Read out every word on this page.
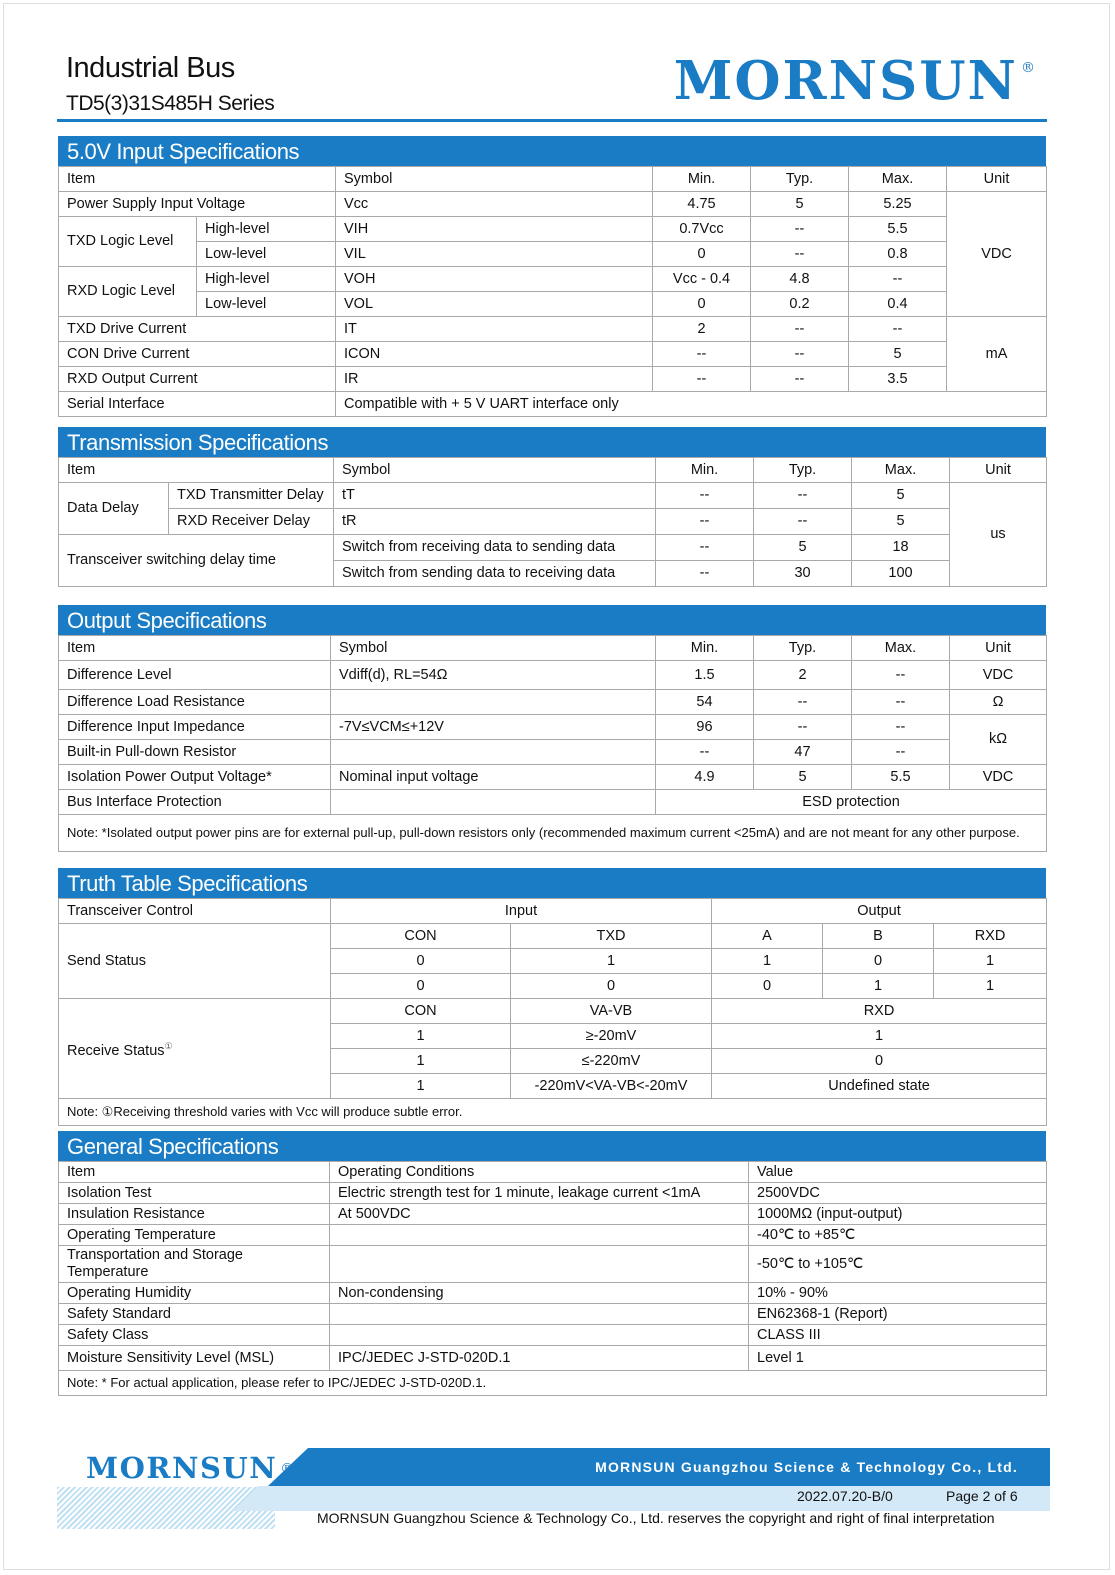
Industrial Bus
TD5(3)31S485H Series	MORNSUN ®
5.0V Input Specifications
Item		Symbol	Min.	Typ.	Max.	Unit
Power Supply Input Voltage		Vcc	4.75	5	5.25	VDC
TXD Logic Level	High-level	VIH	0.7Vcc	--	5.5	
	Low-level	VIL	0	--	0.8	
RXD Logic Level	High-level	VOH	Vcc - 0.4	4.8	--	
	Low-level	VOL	0	0.2	0.4	
TXD Drive Current		IT	2	--	--	mA
CON Drive Current		ICON	--	--	5	
RXD Output Current		IR	--	--	3.5	
Serial Interface		Compatible with + 5 V UART interface only				
Transmission Specifications
Item		Symbol	Min.	Typ.	Max.	Unit
Data Delay	TXD Transmitter Delay	tT	--	--	5	us
	RXD Receiver Delay	tR	--	--	5	
Transceiver switching delay time		Switch from receiving data to sending data	--	5	18	
		Switch from sending data to receiving data	--	30	100	
Output Specifications
Item	Symbol	Min.	Typ.	Max.	Unit
Difference Level	Vdiff(d), RL=54Ω	1.5	2	--	VDC
Difference Load Resistance		54	--	--	Ω
Difference Input Impedance	-7V≤VCM≤+12V	96	--	--	kΩ
Built-in Pull-down Resistor		--	47	--	
Isolation Power Output Voltage*	Nominal input voltage	4.9	5	5.5	VDC
Bus Interface Protection		ESD protection			
Note: *Isolated output power pins are for external pull-up, pull-down resistors only (recommended maximum current <25mA) and are not meant for any other purpose.					
Truth Table Specifications
Transceiver Control	Input		Output		
Send Status	CON	TXD	A	B	RXD
	0	1	1	0	1
	0	0	0	1	1
Receive Status①	CON	VA-VB	RXD		
	1	≥-20mV	1		
	1	≤-220mV	0		
	1	-220mV<VA-VB<-20mV	Undefined state		
Note: ①Receiving threshold varies with Vcc will produce subtle error.					
General Specifications
Item	Operating Conditions	Value
Isolation Test	Electric strength test for 1 minute, leakage current <1mA	2500VDC
Insulation Resistance	At 500VDC	1000MΩ (input-output)
Operating Temperature		-40℃ to +85℃
Transportation and Storage Temperature		-50℃ to +105℃
Operating Humidity	Non-condensing	10% - 90%
Safety Standard		EN62368-1 (Report)
Safety Class		CLASS III
Moisture Sensitivity Level (MSL)	IPC/JEDEC J-STD-020D.1	Level 1
Note: * For actual application, please refer to IPC/JEDEC J-STD-020D.1.		
MORNSUN ®	MORNSUN Guangzhou Science & Technology Co., Ltd.
2022.07.20-B/0	Page 2 of 6
MORNSUN Guangzhou Science & Technology Co., Ltd. reserves the copyright and right of final interpretation
